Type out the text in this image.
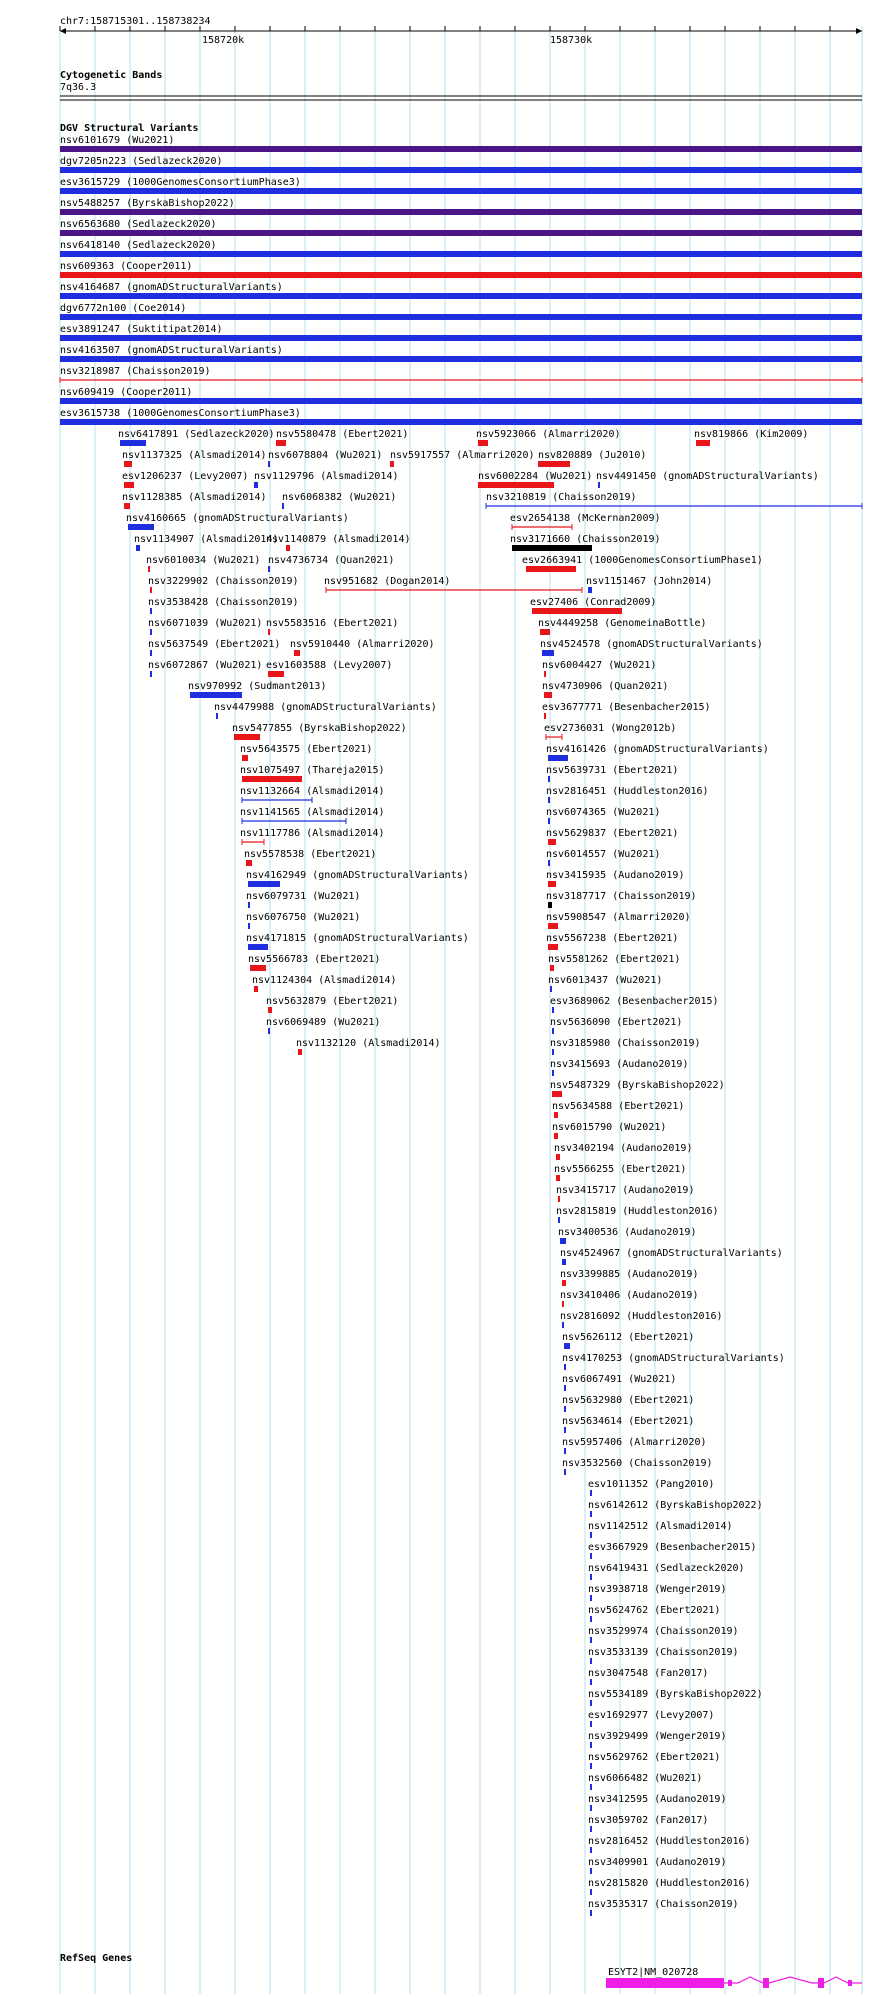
chr7:158715301..158738234
158720k	158730k
Cytogenetic Bands
7q36.3
DGV Structural Variants
nsv6101679 (Wu2021)
dgv7205n223 (Sedlazeck2020)
esv3615729 (1000GenomesConsortiumPhase3)
nsv5488257 (ByrskaBishop2022)
nsv6563680 (Sedlazeck2020)
nsv6418140 (Sedlazeck2020)
nsv609363 (Cooper2011)
nsv4164687 (gnomADStructuralVariants)
dgv6772n100 (Coe2014)
esv3891247 (Suktitipat2014)
nsv4163507 (gnomADStructuralVariants)
nsv3218987 (Chaisson2019)
nsv609419 (Cooper2011)
esv3615738 (1000GenomesConsortiumPhase3)
nsv6417891 (Sedlazeck2020) nsv5580478 (Ebert2021)	nsv5923066 (Almarri2020)	nsv819866 (Kim2009)
nsv1137325 (Alsmadi2014) nsv6078804 (Wu2021) nsv5917557 (Almarri2020) nsv820889 (Ju2010)
esv1206237 (Levy2007) nsv1129796 (Alsmadi2014)	nsv6002284 (Wu2021) nsv4491450 (gnomADStructuralVariants)
nsv1128385 (Alsmadi2014) nsv6068382 (Wu2021)	nsv3210819 (Chaisson2019)
nsv4160665 (gnomADStructuralVariants)	esv2654138 (McKernan2009)
nsv1134907 (Alsmadi2014)
nsv1140879 (Alsmadi2014)	nsv3171660 (Chaisson2019)
nsv6010034 (Wu2021) nsv4736734 (Quan2021)	esv2663941 (1000GenomesConsortiumPhase1)
nsv3229902 (Chaisson2019)	nsv951682 (Dogan2014)	nsv1151467 (John2014)
nsv3538428 (Chaisson2019)	esv27406 (Conrad2009)
nsv6071039 (Wu2021) nsv5583516 (Ebert2021)	nsv4449258 (GenomeinaBottle)
nsv5637549 (Ebert2021) nsv5910440 (Almarri2020)	nsv4524578 (gnomADStructuralVariants)
nsv6072867 (Wu2021) esv1603588 (Levy2007)	nsv6004427 (Wu2021)
nsv970992 (Sudmant2013)	nsv4730906 (Quan2021)
nsv4479988 (gnomADStructuralVariants)	esv3677771 (Besenbacher2015)
nsv5477855 (ByrskaBishop2022)	esv2736031 (Wong2012b)
nsv5643575 (Ebert2021)	nsv4161426 (gnomADStructuralVariants)
nsv1075497 (Thareja2015)	nsv5639731 (Ebert2021)
nsv1132664 (Alsmadi2014)	nsv2816451 (Huddleston2016)
nsv1141565 (Alsmadi2014)	nsv6074365 (Wu2021)
nsv1117786 (Alsmadi2014)	nsv5629837 (Ebert2021)
nsv5578538 (Ebert2021)	nsv6014557 (Wu2021)
nsv4162949 (gnomADStructuralVariants)	nsv3415935 (Audano2019)
nsv6079731 (Wu2021)	nsv3187717 (Chaisson2019)
nsv6076750 (Wu2021)	nsv5908547 (Almarri2020)
nsv4171815 (gnomADStructuralVariants)	nsv5567238 (Ebert2021)
nsv5566783 (Ebert2021)	nsv5581262 (Ebert2021)
nsv1124304 (Alsmadi2014)	nsv6013437 (Wu2021)
nsv5632879 (Ebert2021)	esv3689062 (Besenbacher2015)
nsv6069489 (Wu2021)	nsv5636090 (Ebert2021)
nsv1132120 (Alsmadi2014)	nsv3185980 (Chaisson2019)
nsv3415693 (Audano2019)
nsv5487329 (ByrskaBishop2022)
nsv5634588 (Ebert2021)
nsv6015790 (Wu2021)
nsv3402194 (Audano2019)
nsv5566255 (Ebert2021)
nsv3415717 (Audano2019)
nsv2815819 (Huddleston2016)
nsv3400536 (Audano2019)
nsv4524967 (gnomADStructuralVariants)
nsv3399885 (Audano2019)
nsv3410406 (Audano2019)
nsv2816092 (Huddleston2016)
nsv5626112 (Ebert2021)
nsv4170253 (gnomADStructuralVariants)
nsv6067491 (Wu2021)
nsv5632980 (Ebert2021)
nsv5634614 (Ebert2021)
nsv5957406 (Almarri2020)
nsv3532560 (Chaisson2019)
esv1011352 (Pang2010)
nsv6142612 (ByrskaBishop2022)
nsv1142512 (Alsmadi2014)
esv3667929 (Besenbacher2015)
nsv6419431 (Sedlazeck2020)
nsv3938718 (Wenger2019)
nsv5624762 (Ebert2021)
nsv3529974 (Chaisson2019)
nsv3533139 (Chaisson2019)
nsv3047548 (Fan2017)
nsv5534189 (ByrskaBishop2022)
esv1692977 (Levy2007)
nsv3929499 (Wenger2019)
nsv5629762 (Ebert2021)
nsv6066482 (Wu2021)
nsv3412595 (Audano2019)
nsv3059702 (Fan2017)
nsv2816452 (Huddleston2016)
nsv3409901 (Audano2019)
nsv2815820 (Huddleston2016)
nsv3535317 (Chaisson2019)
RefSeq Genes
ESYT2|NM_020728
